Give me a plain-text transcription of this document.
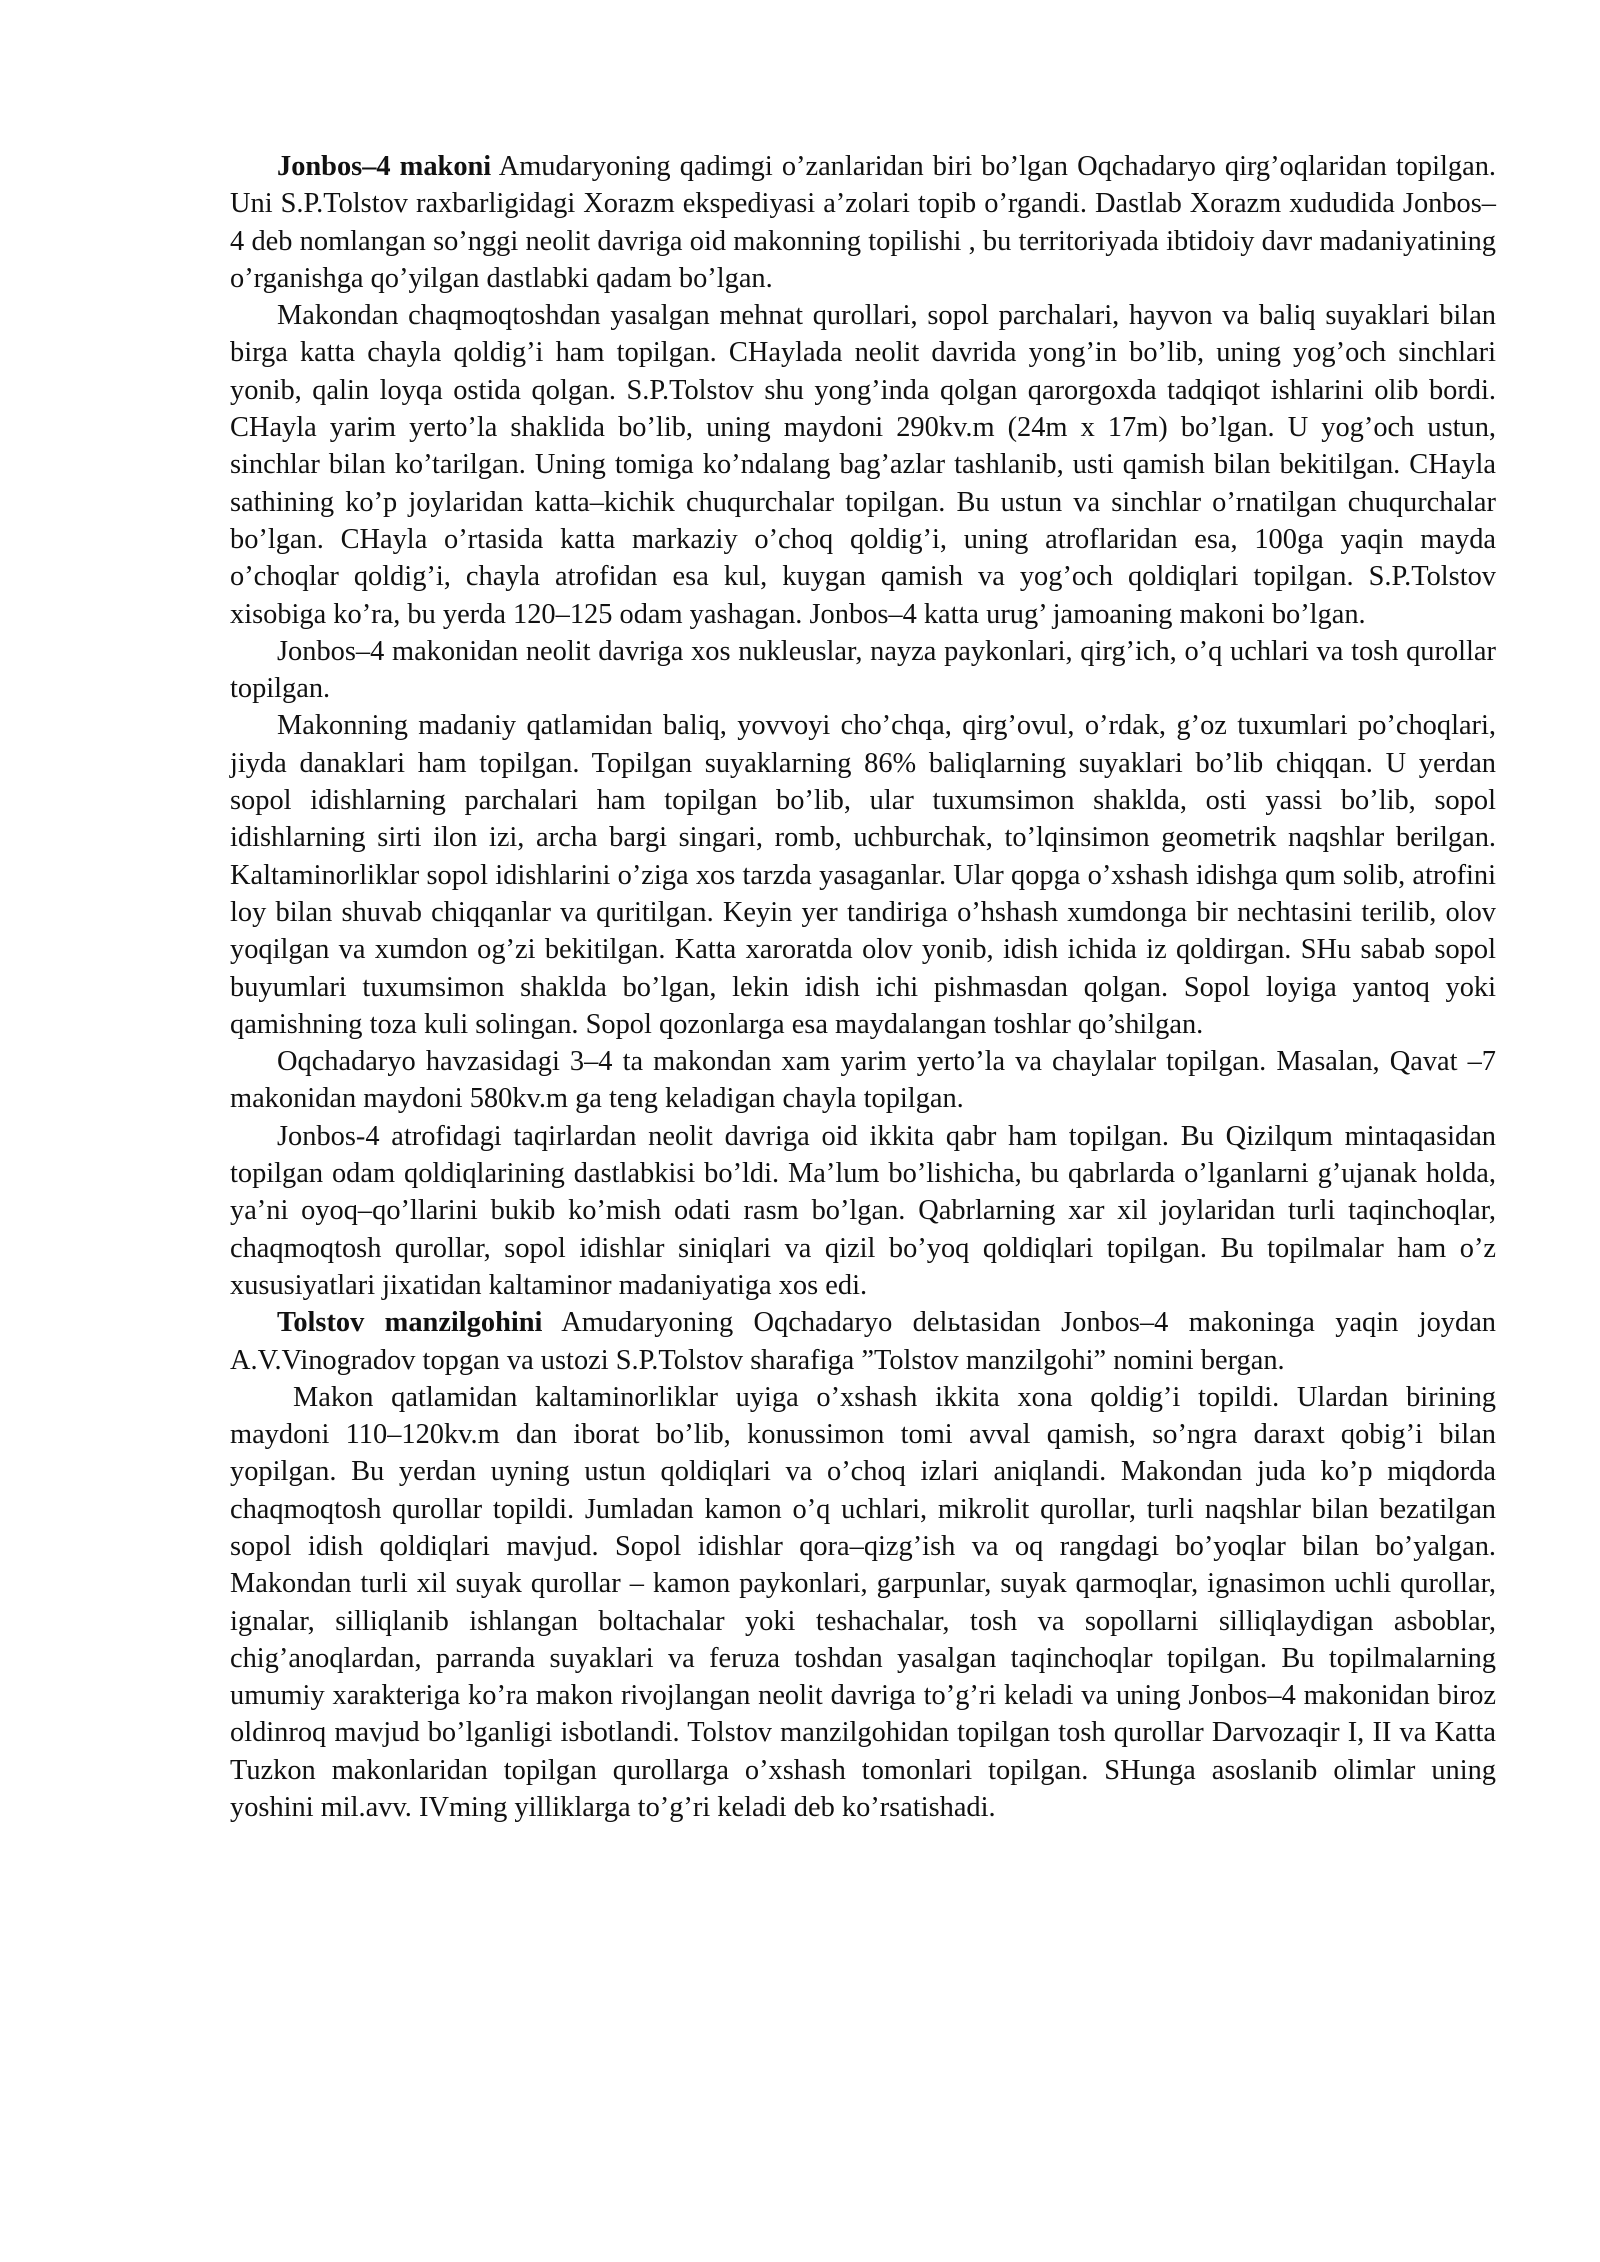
Jonbos–4 makoni Amudaryoning qadimgi o’zanlaridan biri bo’lgan Oqchadaryo qirg’oqlaridan topilgan. Uni S.P.Tolstov raxbarligidagi Xorazm ekspediyasi a’zolari topib o’rgandi. Dastlab Xorazm xududida Jonbos–4 deb nomlangan so’nggi neolit davriga oid makonning topilishi , bu territoriyada ibtidoiy davr madaniyatining o’rganishga qo’yilgan dastlabki qadam bo’lgan.

Makondan chaqmoqtoshdan yasalgan mehnat qurollari, sopol parchalari, hayvon va baliq suyaklari bilan birga katta chayla qoldig’i ham topilgan. CHaylada neolit davrida yong’in bo’lib, uning yog’och sinchlari yonib, qalin loyqa ostida qolgan. S.P.Tolstov shu yong’inda qolgan qarorgoxda tadqiqot ishlarini olib bordi. CHayla yarim yerto’la shaklida bo’lib, uning maydoni 290kv.m (24m x 17m) bo’lgan. U yog’och ustun, sinchlar bilan ko’tarilgan. Uning tomiga ko’ndalang bag’azlar tashlanib, usti qamish bilan bekitilgan. CHayla sathining ko’p joylaridan katta–kichik chuqurchalar topilgan. Bu ustun va sinchlar o’rnatilgan chuqurchalar bo’lgan. CHayla o’rtasida katta markaziy o’choq qoldig’i, uning atroflaridan esa, 100ga yaqin mayda o’choqlar qoldig’i, chayla atrofidan esa kul, kuygan qamish va yog’och qoldiqlari topilgan. S.P.Tolstov xisobiga ko’ra, bu yerda 120–125 odam yashagan. Jonbos–4 katta urug’ jamoaning makoni bo’lgan.

Jonbos–4 makonidan neolit davriga xos nukleuslar, nayza paykonlari, qirg’ich, o’q uchlari va tosh qurollar topilgan.

Makonning madaniy qatlamidan baliq, yovvoyi cho’chqa, qirg’ovul, o’rdak, g’oz tuxumlari po’choqlari, jiyda danaklari ham topilgan. Topilgan suyaklarning 86% baliqlarning suyaklari bo’lib chiqqan. U yerdan sopol idishlarning parchalari ham topilgan bo’lib, ular tuxumsimon shaklda, osti yassi bo’lib, sopol idishlarning sirti ilon izi, archa bargi singari, romb, uchburchak, to’lqinsimon geometrik naqshlar berilgan. Kaltaminorliklar sopol idishlarini o’ziga xos tarzda yasaganlar. Ular qopga o’xshash idishga qum solib, atrofini loy bilan shuvab chiqqanlar va quritilgan. Keyin yer tandiriga o’hshash xumdonga bir nechtasini terilib, olov yoqilgan va xumdon og’zi bekitilgan. Katta xaroratda olov yonib, idish ichida iz qoldirgan. SHu sabab sopol buyumlari tuxumsimon shaklda bo’lgan, lekin idish ichi pishmasdan qolgan. Sopol loyiga yantoq yoki qamishning toza kuli solingan. Sopol qozonlarga esa maydalangan toshlar qo’shilgan.

Oqchadaryo havzasidagi 3–4 ta makondan xam yarim yerto’la va chaylalar topilgan. Masalan, Qavat –7 makonidan maydoni 580kv.m ga teng keladigan chayla topilgan.

Jonbos-4 atrofidagi taqirlardan neolit davriga oid ikkita qabr ham topilgan. Bu Qizilqum mintaqasidan topilgan odam qoldiqlarining dastlabkisi bo’ldi. Ma’lum bo’lishicha, bu qabrlarda o’lganlarni g’ujanak holda, ya’ni oyoq–qo’llarini bukib ko’mish odati rasm bo’lgan. Qabrlarning xar xil joylaridan turli taqinchoqlar, chaqmoqtosh qurollar, sopol idishlar siniqlari va qizil bo’yoq qoldiqlari topilgan. Bu topilmalar ham o’z xususiyatlari jixatidan kaltaminor madaniyatiga xos edi.

Tolstov manzilgohini Amudaryoning Oqchadaryo delьtasidan Jonbos–4 makoninga yaqin joydan A.V.Vinogradov topgan va ustozi S.P.Tolstov sharafiga ”Tolstov manzilgohi” nomini bergan.

Makon qatlamidan kaltaminorliklar uyiga o’xshash ikkita xona qoldig’i topildi. Ulardan birining maydoni 110–120kv.m dan iborat bo’lib, konussimon tomi avval qamish, so’ngra daraxt qobig’i bilan yopilgan. Bu yerdan uyning ustun qoldiqlari va o’choq izlari aniqlandi. Makondan juda ko’p miqdorda chaqmoqtosh qurollar topildi. Jumladan kamon o’q uchlari, mikrolit qurollar, turli naqshlar bilan bezatilgan sopol idish qoldiqlari mavjud. Sopol idishlar qora–qizg’ish va oq rangdagi bo’yoqlar bilan bo’yalgan. Makondan turli xil suyak qurollar – kamon paykonlari, garpunlar, suyak qarmoqlar, ignasimon uchli qurollar, ignalar, silliqlanib ishlangan boltachalar yoki teshachalar, tosh va sopollarni silliqlaydigan asboblar, chig’anoqlardan, parranda suyaklari va feruza toshdan yasalgan taqinchoqlar topilgan. Bu topilmalarning umumiy xarakteriga ko’ra makon rivojlangan neolit davriga to’g’ri keladi va uning Jonbos–4 makonidan biroz oldinroq mavjud bo’lganligi isbotlandi. Tolstov manzilgohidan topilgan tosh qurollar Darvozaqir I, II va Katta Tuzkon makonlaridan topilgan qurollarga o’xshash tomonlari topilgan. SHunga asoslanib olimlar uning yoshini mil.avv. IVming yilliklarga to’g’ri keladi deb ko’rsatishadi.
